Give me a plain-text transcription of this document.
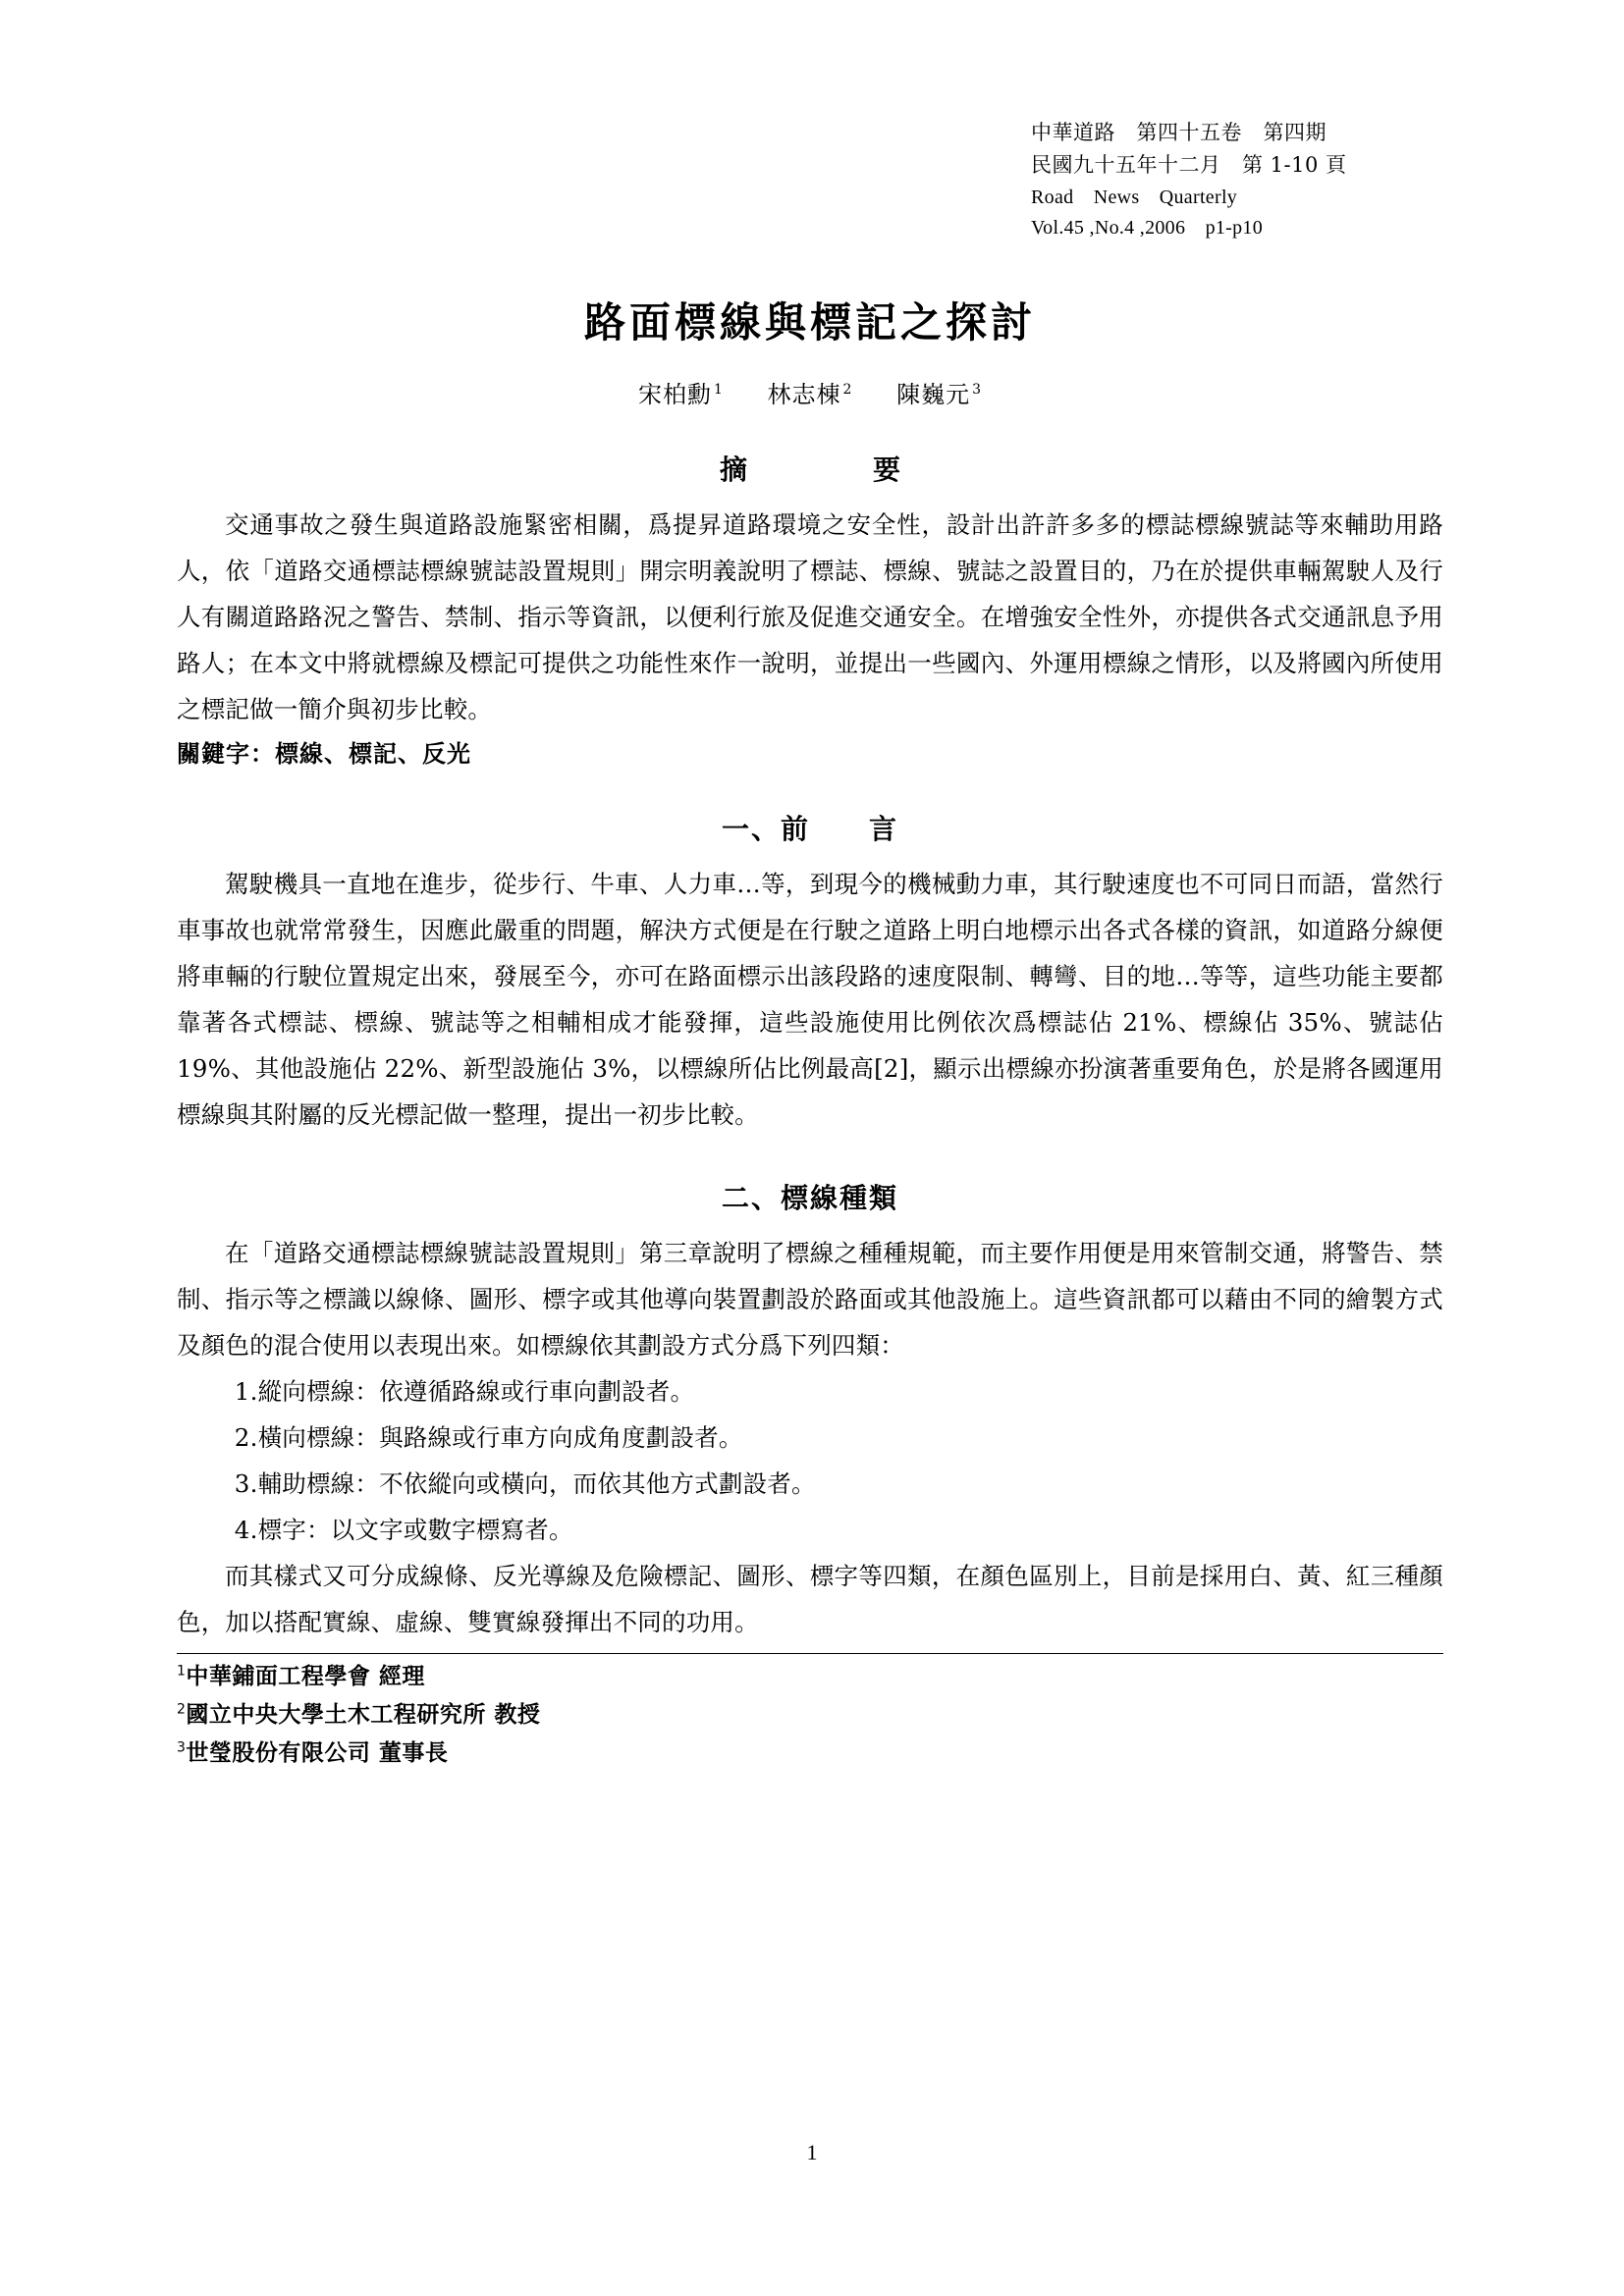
中華道路　第四十五卷　第四期
民國九十五年十二月　第 1-10 頁
Road　News　Quarterly
Vol.45 ,No.4 ,2006　p1-p10
路面標線與標記之探討
宋柏勳 $^1$ 林志棟 $^2$ 陳巍元 $^3$
摘　　要

交通事故之發生與道路設施緊密相關，爲提昇道路環境之安全性，設計出許許多多的標誌標線號誌等來輔助用路人，依「道路交通標誌標線號誌設置規則」開宗明義說明了標誌、標線、號誌之設置目的，乃在於提供車輛駕駛人及行人有關道路路況之警告、禁制、指示等資訊，以便利行旅及促進交通安全。在增強安全性外，亦提供各式交通訊息予用路人；在本文中將就標線及標記可提供之功能性來作一說明，並提出一些國內、外運用標線之情形，以及將國內所使用之標記做一簡介與初步比較。

關鍵字：標線、標記、反光

一、前　　言

駕駛機具一直地在進步，從步行、牛車、人力車…等，到現今的機械動力車，其行駛速度也不可同日而語，當然行車事故也就常常發生，因應此嚴重的問題，解決方式便是在行駛之道路上明白地標示出各式各樣的資訊，如道路分線便將車輛的行駛位置規定出來，發展至今，亦可在路面標示出該段路的速度限制、轉彎、目的地…等等，這些功能主要都靠著各式標誌、標線、號誌等之相輔相成才能發揮，這些設施使用比例依次爲標誌佔 21%、標線佔 35%、號誌佔 19%、其他設施佔 22%、新型設施佔 3%，以標線所佔比例最高[2]，顯示出標線亦扮演著重要角色，於是將各國運用標線與其附屬的反光標記做一整理，提出一初步比較。

二、標線種類

在「道路交通標誌標線號誌設置規則」第三章說明了標線之種種規範，而主要作用便是用來管制交通，將警告、禁制、指示等之標識以線條、圖形、標字或其他導向裝置劃設於路面或其他設施上。這些資訊都可以藉由不同的繪製方式及顏色的混合使用以表現出來。如標線依其劃設方式分爲下列四類：

1.縱向標線：依遵循路線或行車向劃設者。

2.橫向標線：與路線或行車方向成角度劃設者。

3.輔助標線：不依縱向或橫向，而依其他方式劃設者。

4.標字：以文字或數字標寫者。

而其樣式又可分成線條、反光導線及危險標記、圖形、標字等四類，在顏色區別上，目前是採用白、黃、紅三種顏色，加以搭配實線、虛線、雙實線發揮出不同的功用。

$^1$中華鋪面工程學會 經理
$^2$國立中央大學土木工程研究所 教授
$^3$世瑩股份有限公司 董事長
1
